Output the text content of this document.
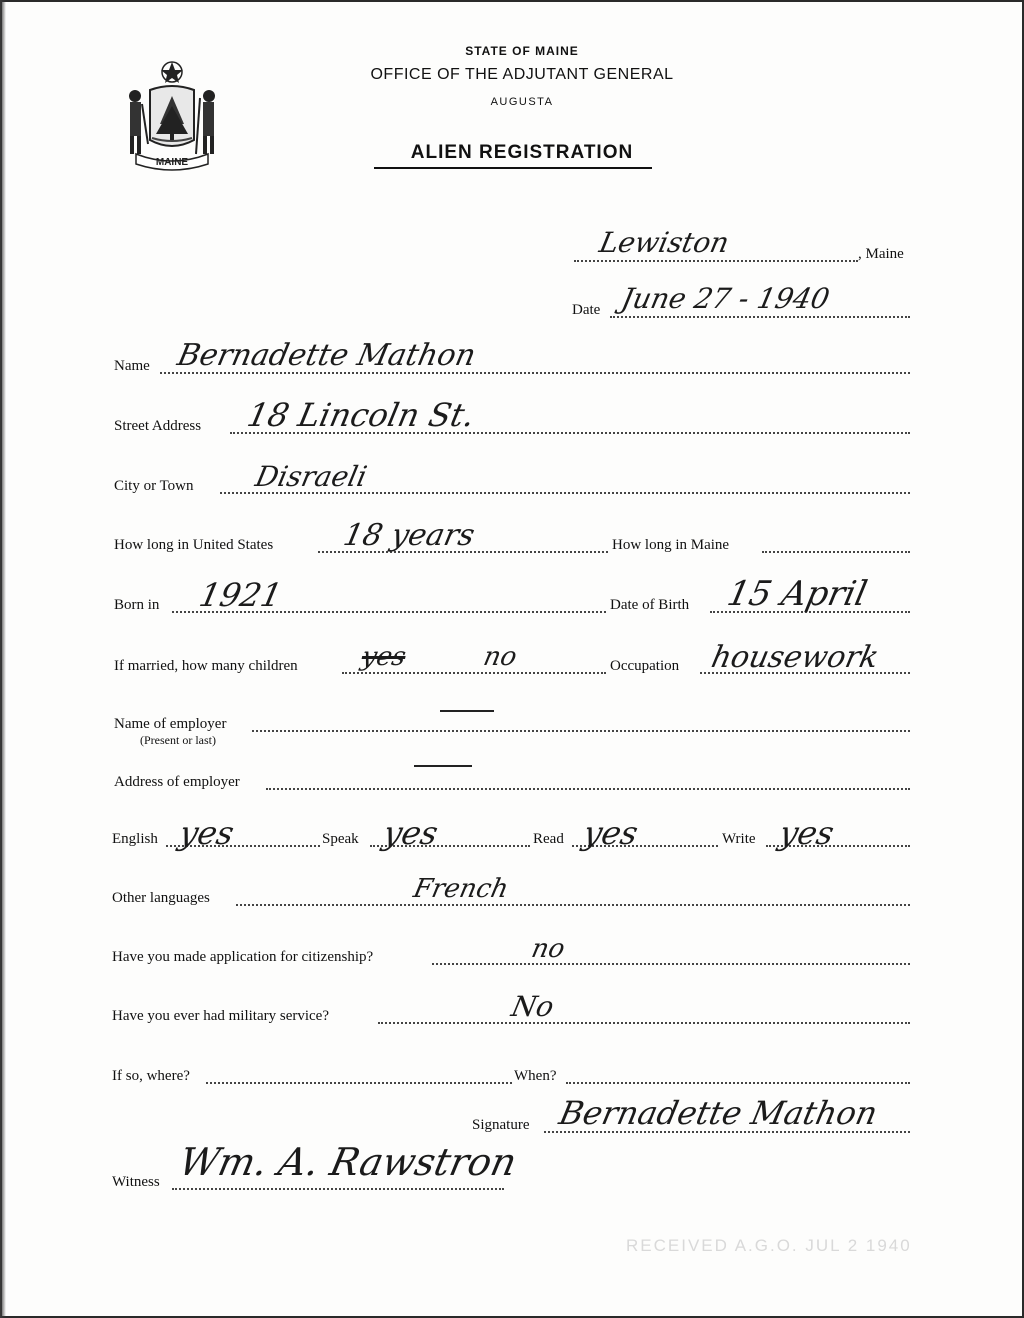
MAINE
STATE OF MAINE
OFFICE OF THE ADJUTANT GENERAL
AUGUSTA
ALIEN REGISTRATION
Lewiston	, Maine
Date June 27 - 1940
Name Bernadette Mathon
Street Address 18 Lincoln St.
City or Town Disraeli
How long in United States 18 years	How long in Maine
Born in 1921	Date of Birth 15 April
If married, how many children yes	no	Occupation housework
Name of employer
(Present or last)
Address of employer
English yes	Speak yes	Read yes	Write yes
Other languages	French
Have you made application for citizenship?	no
Have you ever had military service?	No
If so, where?	When?
Signature Bernadette Mathon
Witness Wm. A. Rawstron
RECEIVED A.G.O. JUL 2 1940
